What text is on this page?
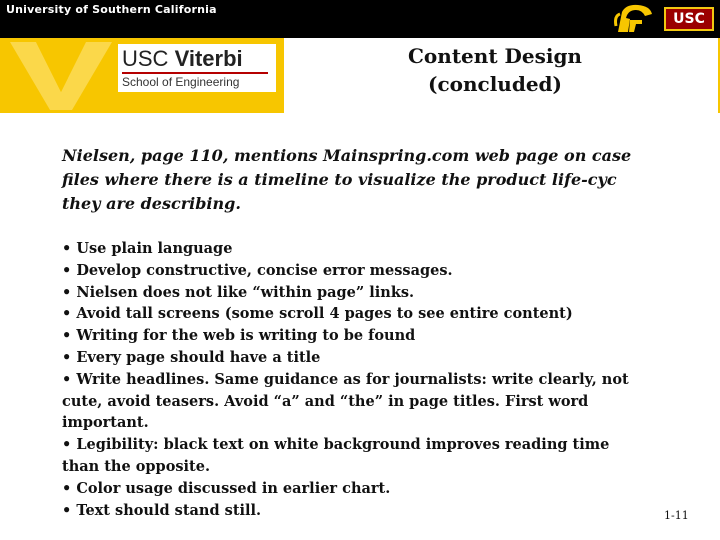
University of Southern California
USC
USC Viterbi
School of Engineering
Content Design
(concluded)
Nielsen, page 110, mentions Mainspring.com web page on case
files where there is a timeline to visualize the product life-cyc
they are describing.
• Use plain language
• Develop constructive, concise error messages.
• Nielsen does not like “within page” links.
• Avoid tall screens (some scroll 4 pages to see entire content)
• Writing for the web is writing to be found
• Every page should have a title
• Write headlines. Same guidance as for journalists: write clearly, not
cute, avoid teasers. Avoid “a” and “the” in page titles. First word
important.
• Legibility: black text on white background improves reading time
than the opposite.
• Color usage discussed in earlier chart.
• Text should stand still.	1-11
